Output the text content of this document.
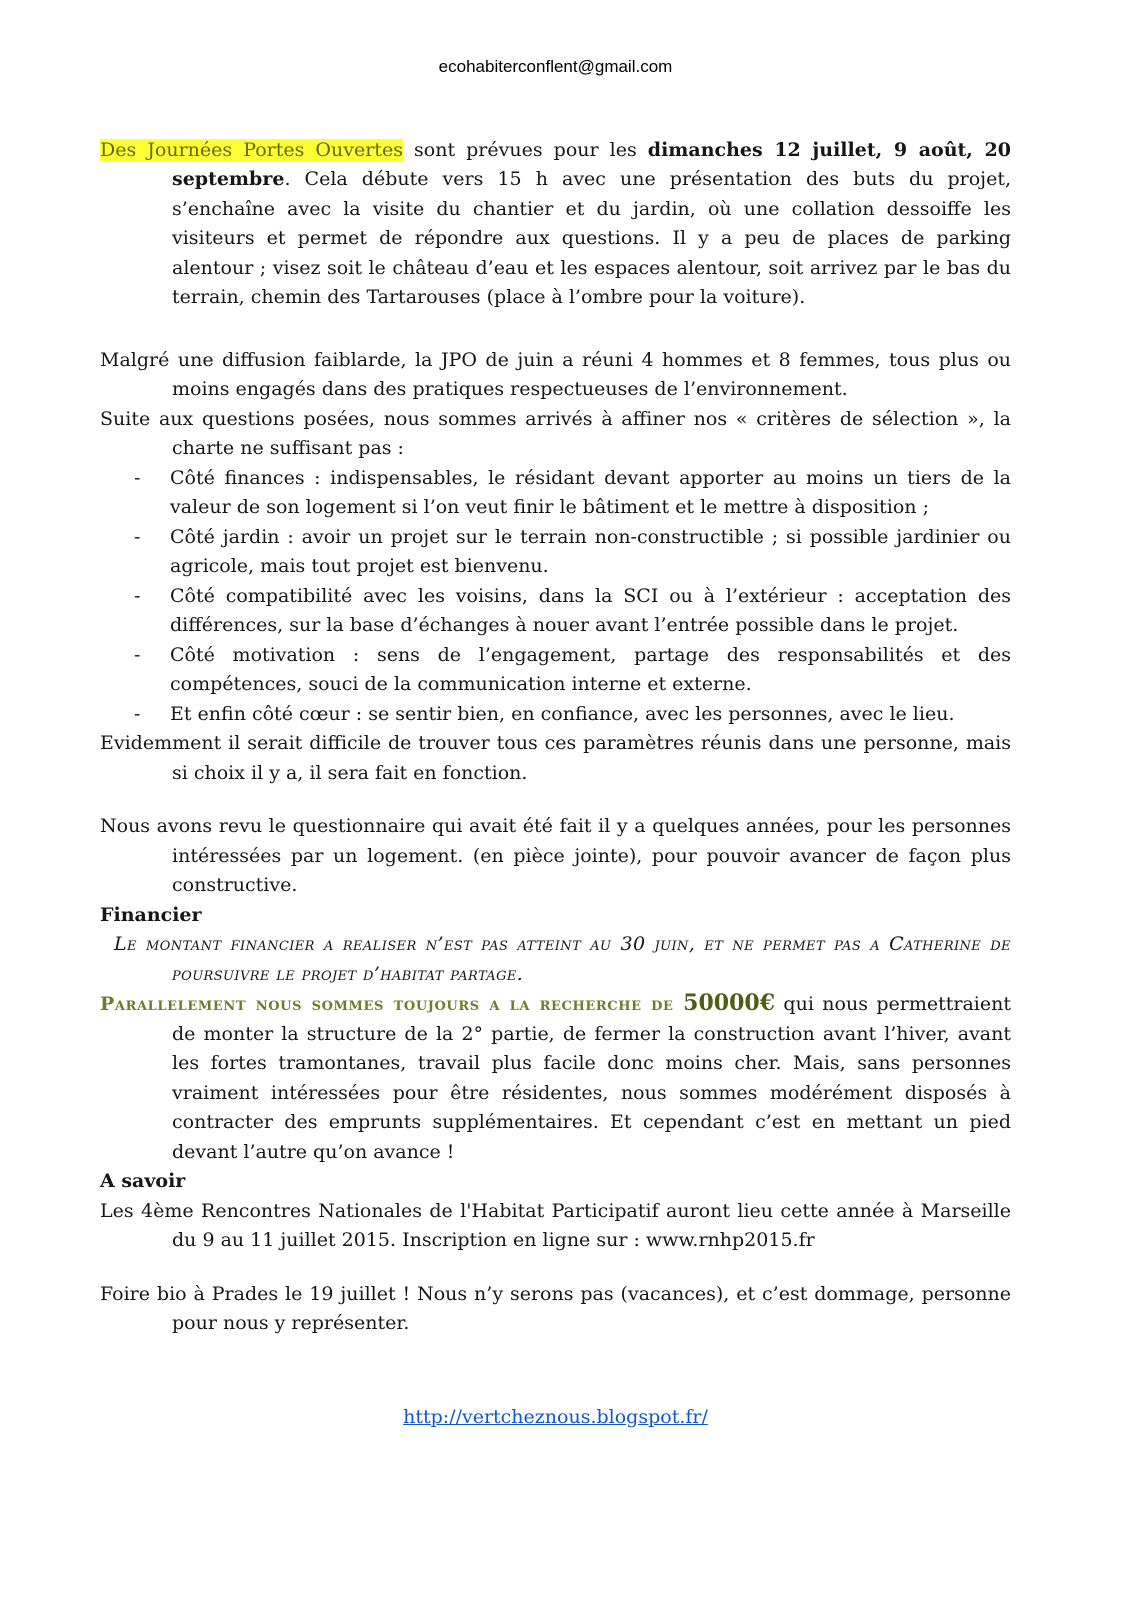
ecohabiterconflent@gmail.com

Des Journées Portes Ouvertes sont prévues pour les dimanches 12 juillet, 9 août, 20 septembre. Cela débute vers 15 h avec une présentation des buts du projet, s’enchaîne avec la visite du chantier et du jardin, où une collation dessoiffe les visiteurs et permet de répondre aux questions. Il y a peu de places de parking alentour ; visez soit le château d’eau et les espaces alentour, soit arrivez par le bas du terrain, chemin des Tartarouses (place à l’ombre pour la voiture).

Malgré une diffusion faiblarde, la JPO de juin a réuni 4 hommes et 8 femmes, tous plus ou moins engagés dans des pratiques respectueuses de l’environnement.

Suite aux questions posées, nous sommes arrivés à affiner nos « critères de sélection », la charte ne suffisant pas :

-	Côté finances : indispensables, le résidant devant apporter au moins un tiers de la valeur de son logement si l’on veut finir le bâtiment et le mettre à disposition ;
-	Côté jardin : avoir un projet sur le terrain non-constructible ; si possible jardinier ou agricole, mais tout projet est bienvenu.
-	Côté compatibilité avec les voisins, dans la SCI ou à l’extérieur : acceptation des différences, sur la base d’échanges à nouer avant l’entrée possible dans le projet.
-	Côté motivation : sens de l’engagement, partage des responsabilités et des compétences, souci de la communication interne et externe.
-	Et enfin côté cœur : se sentir bien, en confiance, avec les personnes, avec le lieu.

Evidemment il serait difficile de trouver tous ces paramètres réunis dans une personne, mais si choix il y a, il sera fait en fonction.

Nous avons revu le questionnaire qui avait été fait il y a quelques années, pour les personnes intéressées par un logement. (en pièce jointe), pour pouvoir avancer de façon plus constructive.

Financier

Le montant financier a realiser n’est pas atteint au 30 juin, et ne permet pas a Catherine de poursuivre le projet d’habitat partage.

Parallelement nous sommes toujours a la recherche de 50000€ qui nous permettraient de monter la structure de la 2° partie, de fermer la construction avant l’hiver, avant les fortes tramontanes, travail plus facile donc moins cher. Mais, sans personnes vraiment intéressées pour être résidentes, nous sommes modérément disposés à contracter des emprunts supplémentaires. Et cependant c’est en mettant un pied devant l’autre qu’on avance !

A savoir

Les 4ème Rencontres Nationales de l'Habitat Participatif auront lieu cette année à Marseille du 9 au 11 juillet 2015. Inscription en ligne sur : www.rnhp2015.fr

Foire bio à Prades le 19 juillet ! Nous n’y serons pas (vacances), et c’est dommage, personne pour nous y représenter.

http://vertcheznous.blogspot.fr/
